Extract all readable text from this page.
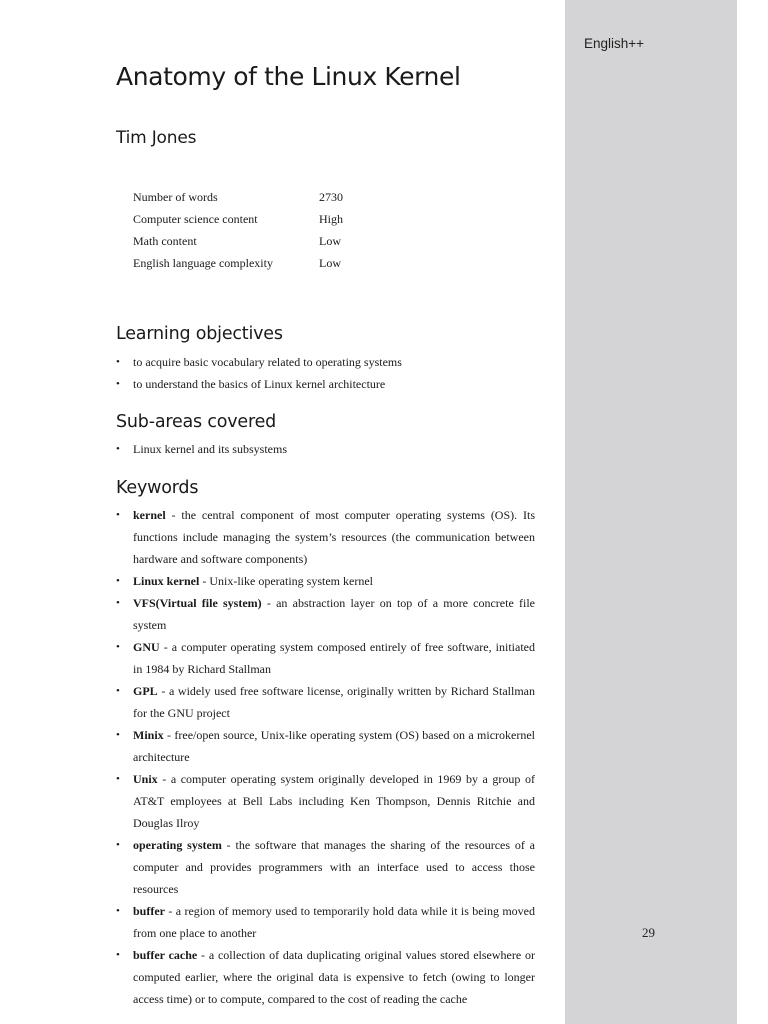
English++
29
Anatomy of the Linux Kernel
Tim Jones
Number of words	2730
Computer science content	High
Math content	Low
English language complexity	Low
Learning objectives
• to acquire basic vocabulary related to operating systems
• to understand the basics of Linux kernel architecture
Sub-areas covered
• Linux kernel and its subsystems
Keywords
• kernel - the central component of most computer operating systems (OS). Its functions include managing the system’s resources (the communication between hardware and software components)
• Linux kernel - Unix-like operating system kernel
• VFS(Virtual file system) - an abstraction layer on top of a more concrete file system
• GNU - a computer operating system composed entirely of free software, initiated in 1984 by Richard Stallman
• GPL - a widely used free software license, originally written by Richard Stallman for the GNU project
• Minix - free/open source, Unix-like operating system (OS) based on a microkernel architecture
• Unix - a computer operating system originally developed in 1969 by a group of AT&T employees at Bell Labs including Ken Thompson, Dennis Ritchie and Douglas Ilroy
• operating system - the software that manages the sharing of the resources of a computer and provides programmers with an interface used to access those resources
• buffer - a region of memory used to temporarily hold data while it is being moved from one place to another
• buffer cache - a collection of data duplicating original values stored elsewhere or computed earlier, where the original data is expensive to fetch (owing to longer access time) or to compute, compared to the cost of reading the cache
